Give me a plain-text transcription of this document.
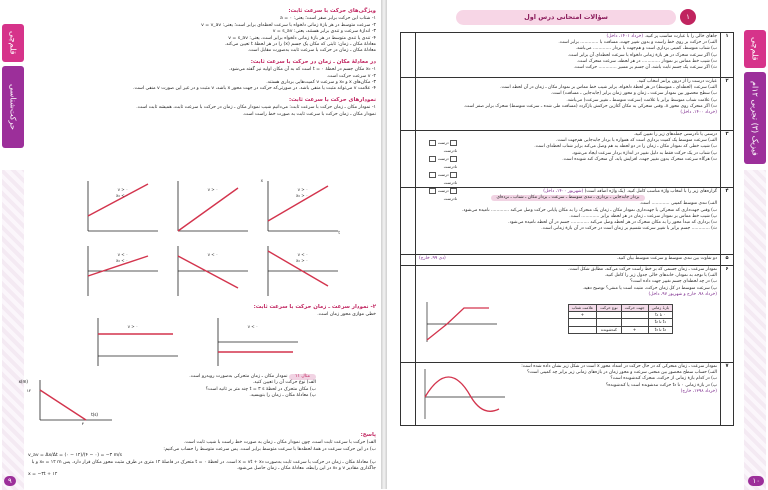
قلم‌چی
حرکت‌شناسی
۹
ویژگی‌های حرکت با سرعت ثابت:

۱- شتاب این حرکت برابر صفر است؛ یعنی: a = ۰

۲- سرعت متوسط در هر بازهٔ زمانی دلخواه با سرعت لحظه‌ای برابر است؛ یعنی: v = v_av

۳- اندازهٔ سرعت و تندی برابر هستند، یعنی: v = s_av

۴- تندی یا تندی متوسط در هر بازهٔ زمانی دلخواه برابر است، یعنی: v = s_av

معادلهٔ مکان ـ زمان: ثابتی که مکان یک جسم (x) را در هر لحظهٔ t تعیین می‌کند.

معادلهٔ مکان ـ زمان در حرکت با سرعت ثابت به‌صورت مقابل است.

در معادلهٔ مکان ـ زمان در حرکت با سرعت ثابت:

۱- x₀ مکان جسم در لحظهٔ t = ۰ است که به آن مکان اولیه نیز گفته می‌شود.

۲- v سرعت حرکت است.

۳- مکان‌های x و x₀ و سرعت v کمیت‌هایی برداری هستند.

۴- علامت v می‌تواند مثبت یا منفی باشد. در صورتی‌که حرکت در جهت محور x باشد، v مثبت و در غیر این صورت v منفی است.

نمودارهای حرکت با سرعت ثابت:

۱- نمودار مکان ـ زمان حرکت با سرعت ثابت: می‌دانیم شیب نمودار مکان ـ زمان در حرکت با سرعت ثابت، همیشه ثابت است.

نمودار مکان ـ زمان حرکت با سرعت ثابت به صورت خط راست است.

v > ۰
x₀ > ۰
v > ۰
v > ۰
x₀ < ۰
v < ۰
x₀ > ۰
v < ۰
v < ۰
x₀ < ۰
t
x
۲- نمودار سرعت ـ زمان حرکت با سرعت ثابت:

خطی موازی محور زمان است.

v < ۰
v > ۰

مثال ۱۱ نمودار مکان ـ زمان متحرکی به‌صورت روبه‌رو است.

الف) نوع حرکت آن را تعیین کنید.

ب) مکان متحرک در لحظهٔ t = ۳ s چند متر بر ثانیه است؟

پ) معادلهٔ مکان ـ زمان را بنویسید.

x(m)
۱۲
۴
t(s)
پاسخ:

الف) حرکت با سرعت ثابت است، چون نمودار مکان ـ زمان به صورت خط راست با شیب ثابت است.

ب) در این حرکت سرعت در همهٔ لحظه‌ها با سرعت متوسط برابر است. پس سرعت متوسط را حساب می‌کنیم:

v_av = Δx/Δt = (۰ − ۱۲)/(۴ − ۰) = −۳ m/s

پ) معادلهٔ مکان ـ زمان در حرکت با سرعت ثابت به‌صورت x = vt + x₀ است. در لحظهٔ t = ۰ متحرک در فاصلهٔ ۱۲ متری در طرف مثبت محور مکان قرار دارد. پس x₀ = ۱۲ m و با جاگذاری مقادیر v و x₀ در این رابطه، معادلهٔ مکان ـ زمان حاصل می‌شود.

x = −۳t + ۱۲

قلم‌چی
فیزیک (۳) تجربی ۱۲ام
۱۰
سؤالات امتحانی درس اول	۱
۱

جاهای خالی را با عبارت مناسب پر کنید. (خرداد ۱۴۰۱، داخل)

الف) در حرکت بر روی خط راست و بدون تغییر جهت، مسافت با ............. برابر است.

ب) شتاب متوسط، کمیتی برداری است و هم‌جهت با بردار ............. می‌باشد.

پ) اگر سرعت متحرک در هر بازهٔ زمانی دلخواه با سرعت لحظه‌ای آن برابر است.

ت) شیب خط مماس بر نمودار ............. در هر لحظه، سرعت متحرک است.

ث) اگر سرعت یک جسم ثابت باشد، آن جسم بر مسیر ............. حرکت است.

۲

عبارت درست را از درون پرانتز انتخاب کنید.

الف) سرعت (لحظه‌ای ـ متوسط) در هر لحظهٔ دلخواه، برابر شیب خط مماس بر نمودار مکان ـ زمان در آن لحظه است.

ب) سطح محصور بین نمودار سرعت ـ زمان و محور زمان برابر (جابه‌جایی ـ مسافت) است.

پ) علامت شتاب متوسط برابر با علامت (سرعت متوسط ـ تغییر سرعت) می‌باشد.

ت) اگر متحرک روی محور x، وقتی متحرکی به مکان آغازین حرکتش بازگردد (مسافت طی شده ـ سرعت متوسط) متحرک برابر صفر است.

(خرداد ۱۴۰۰، داخل)

۳

درستی یا نادرستی جمله‌های زیر را تعیین کنید.

الف) سرعت متوسط یک کمیت برداری است که همواره با بردار جابه‌جایی هم‌جهت است.

ب) شیب خطی که نمودار مکان ـ زمان را در دو لحظه به هم وصل می‌کند برابر شتاب لحظه‌ای است.

پ) شتاب در یک حرکت فقط به دلیل تغییر در اندازهٔ بردار سرعت ایجاد می‌شود.

ت) هرگاه سرعت متحرک بدون تغییر جهت، افزایش یابد، آن متحرک کند شونده است.

درست  نادرست
درست  نادرست
درست  نادرست
درست  نادرست
۴

گزاره‌های زیر را با انتخاب واژهٔ مناسب کامل کنید. (یک واژه اضافه است) (شهریور ۱۴۰۰، داخل)

بردار جابه‌جایی ـ برداری ـ تندی متوسط ـ سرعت ـ بردار مکان ـ شتاب ـ نرده‌ای

الف) تندی متوسط کمیتی ............. است.

ب) وقتی جهت‌داری که متحرکی با جهت‌داری نمودار مکان ـ زمان یک متحرک را به مکان پایانی حرکت وصل می‌کند ............. نامیده می‌شود.

پ) شیب خط مماس بر نمودار سرعت ـ زمان در هر لحظه برابر ............. است.

ت) برداری که مبدأ محور را به مکان متحرک در هر لحظه وصل می‌کند ............. جسم در آن لحظه نامیده می‌شود.

ث) ............. جسم برابر با تغییر سرعت تقسیم بر زمان است در حرکت در آن بازهٔ زمانی است.

۵

دو تفاوت بین تندی متوسط و سرعت متوسط بیان کنید.
(دی ۹۹، خارج)

۶

نمودار سرعت ـ زمان جسمی که بر خط راست حرکت می‌کند، مطابق شکل است.

الف) با توجه به نمودار، خانه‌های خالی جدول زیر را کامل کنید.

ب) در چه لحظه‌ای جسم تغییر جهت داده است؟

پ) سرعت متوسط در کل زمان حرکت، مثبت است یا منفی؟ توضیح دهید.

(خرداد ۹۸، خارج و شهریور ۹۷، داخل)

بازهٔ زمانی	جهت حرکت	نوع حرکت	علامت شتاب
۰ تا t₁			+
t₁ تا t₂			
t₂ تا t₃	+	کندشونده	
۷

نمودار سرعت ـ زمان متحرکی که در حال حرکت در امتداد محور x است در شکل زیر نشان داده شده است:

الف) حساب سطح محصور بین منحنی سرعت و محور زمان در بازه‌های زمانی زیر برابر چه کمیتی است؟

ب) در کدام بازهٔ زمانی از حرکت، متحرک کندشونده است؟

پ) در بازهٔ زمانی ۰ تا t₂ حرکت تندشونده است یا کندشونده؟

(خرداد ۱۳۹۸، خارج)
